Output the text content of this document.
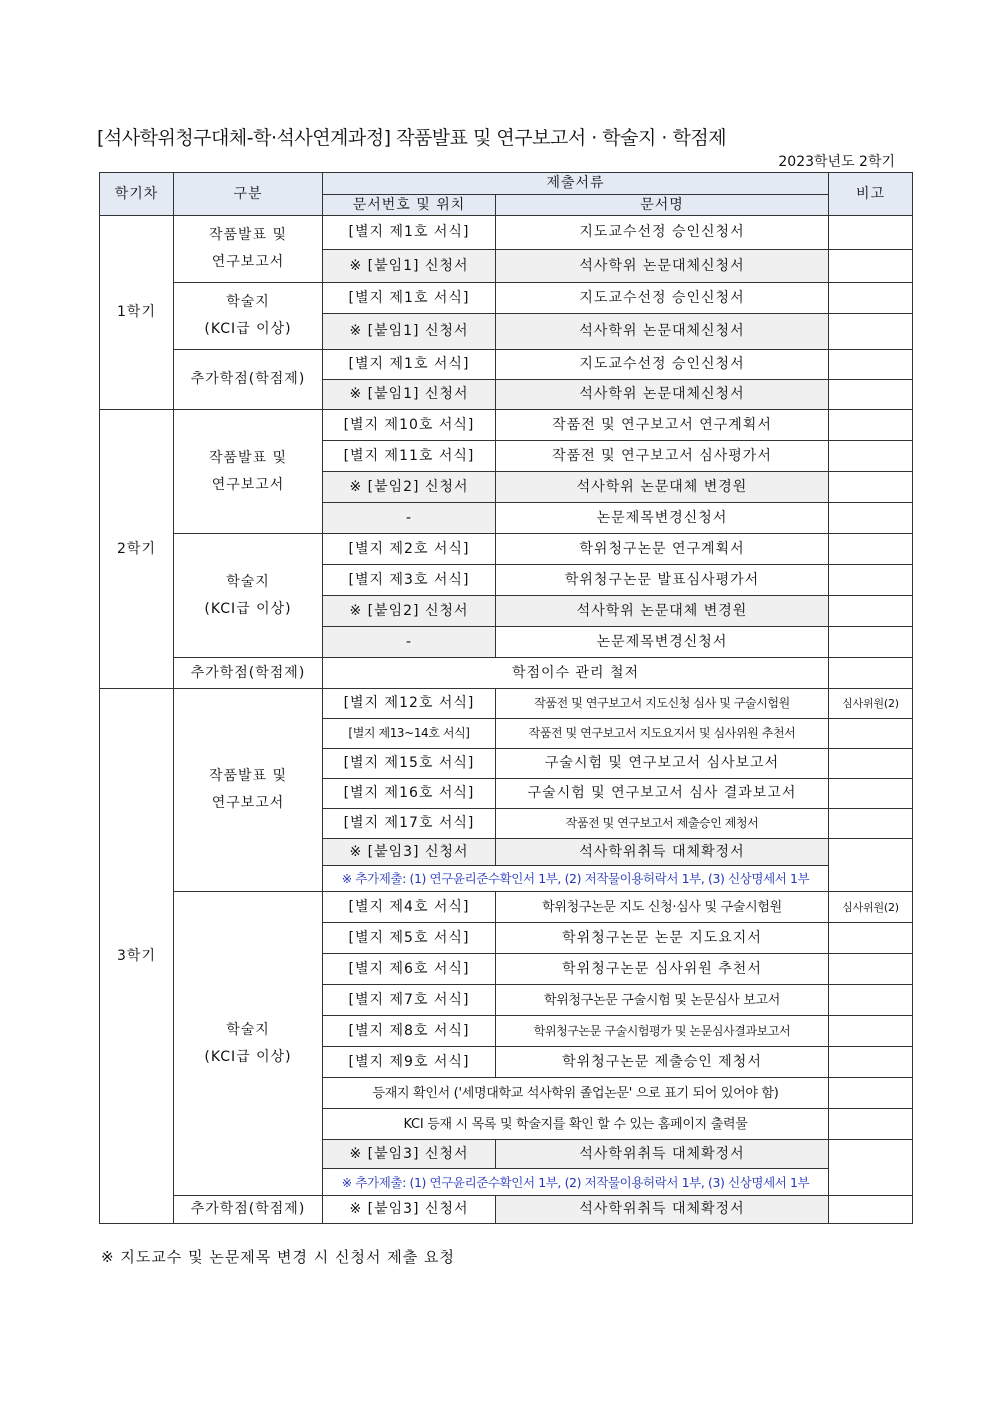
[석사학위청구대체-학·석사연계과정] 작품발표 및 연구보고서 · 학술지 · 학점제
2023학년도 2학기
학기차	구분	제출서류		비고
		문서번호 및 위치	문서명	
1학기	작품발표 및
연구보고서	[별지 제1호 서식]	지도교수선정 승인신청서	
		※ [붙임1] 신청서	석사학위 논문대체신청서	
	학술지
(KCI급 이상)	[별지 제1호 서식]	지도교수선정 승인신청서	
		※ [붙임1] 신청서	석사학위 논문대체신청서	
	추가학점(학점제)	[별지 제1호 서식]	지도교수선정 승인신청서	
		※ [붙임1] 신청서	석사학위 논문대체신청서	
2학기	작품발표 및
연구보고서	[별지 제10호 서식]	작품전 및 연구보고서 연구계획서	
		[별지 제11호 서식]	작품전 및 연구보고서 심사평가서	
		※ [붙임2] 신청서	석사학위 논문대체 변경원	
		-	논문제목변경신청서	
	학술지
(KCI급 이상)	[별지 제2호 서식]	학위청구논문 연구계획서	
		[별지 제3호 서식]	학위청구논문 발표심사평가서	
		※ [붙임2] 신청서	석사학위 논문대체 변경원	
		-	논문제목변경신청서	
	추가학점(학점제)	학점이수 관리 철저		
3학기	작품발표 및
연구보고서	[별지 제12호 서식]	작품전 및 연구보고서 지도신청 심사 및 구술시험원	심사위원(2)
		[별지 제13~14호 서식]	작품전 및 연구보고서 지도요지서 및 심사위원 추천서	
		[별지 제15호 서식]	구술시험 및 연구보고서 심사보고서	
		[별지 제16호 서식]	구술시험 및 연구보고서 심사 결과보고서	
		[별지 제17호 서식]	작품전 및 연구보고서 제출승인 제청서	
		※ [붙임3] 신청서	석사학위취득 대체확정서	
		※ 추가제출: (1) 연구윤리준수확인서 1부, (2) 저작물이용허락서 1부, (3) 신상명세서 1부		
	학술지
(KCI급 이상)	[별지 제4호 서식]	학위청구논문 지도 신청·심사 및 구술시험원	심사위원(2)
		[별지 제5호 서식]	학위청구논문 논문 지도요지서	
		[별지 제6호 서식]	학위청구논문 심사위원 추천서	
		[별지 제7호 서식]	학위청구논문 구술시험 및 논문심사 보고서	
		[별지 제8호 서식]	학위청구논문 구술시험평가 및 논문심사결과보고서	
		[별지 제9호 서식]	학위청구논문 제출승인 제청서	
		등재지 확인서 ('세명대학교 석사학위 졸업논문' 으로 표기 되어 있어야 함)		
		KCI 등재 시 목록 및 학술지를 확인 할 수 있는 홈페이지 출력물		
		※ [붙임3] 신청서	석사학위취득 대체확정서	
		※ 추가제출: (1) 연구윤리준수확인서 1부, (2) 저작물이용허락서 1부, (3) 신상명세서 1부		
	추가학점(학점제)	※ [붙임3] 신청서	석사학위취득 대체확정서	
※ 지도교수 및 논문제목 변경 시 신청서 제출 요청
